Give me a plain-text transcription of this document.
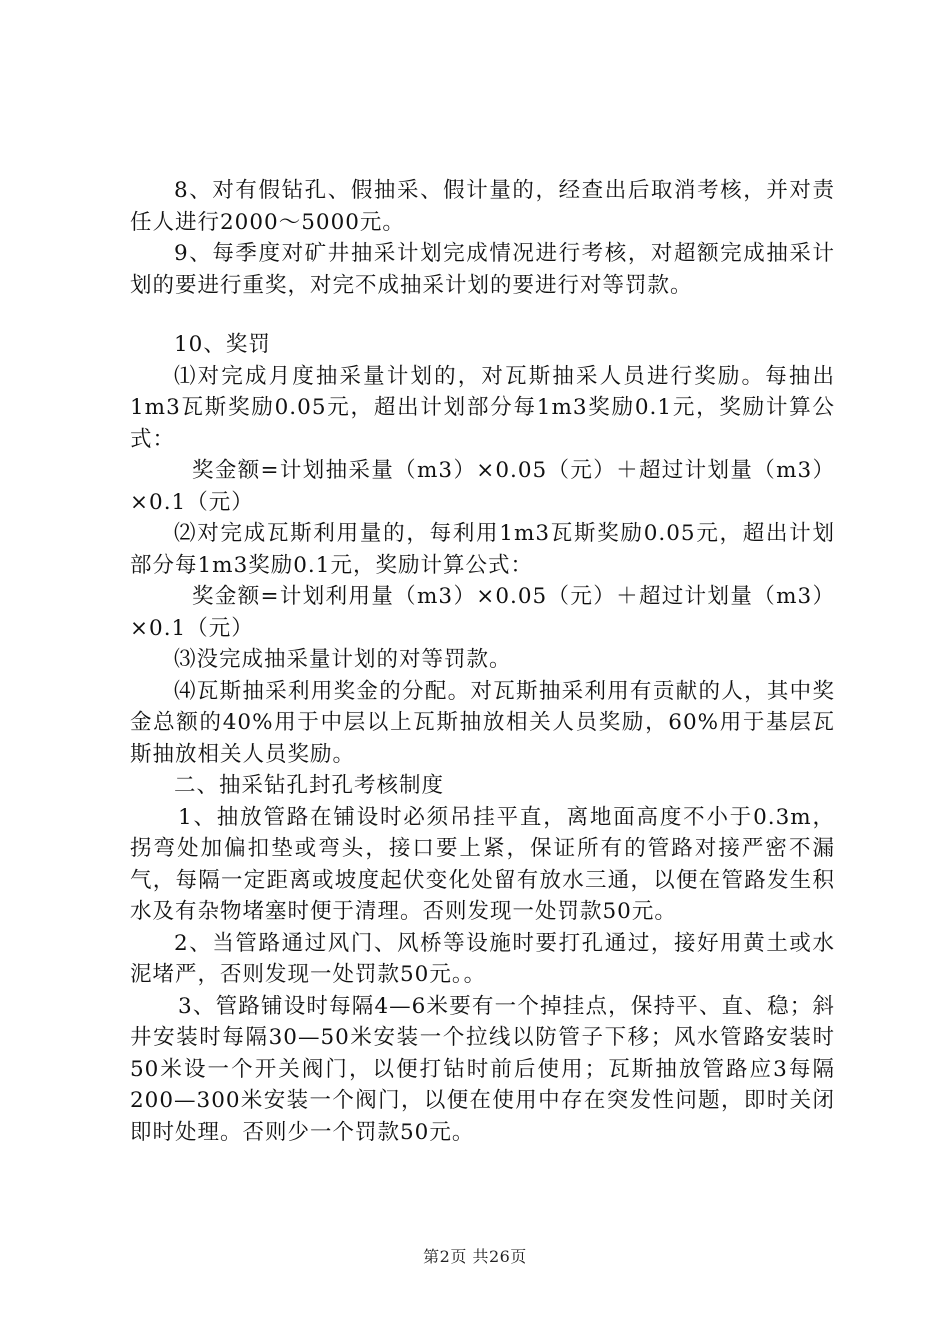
8、对有假钻孔、假抽采、假计量的，经查出后取消考核，并对责任人进行2000～5000元。

9、每季度对矿井抽采计划完成情况进行考核，对超额完成抽采计划的要进行重奖，对完不成抽采计划的要进行对等罚款。

10、奖罚

⑴对完成月度抽采量计划的，对瓦斯抽采人员进行奖励。每抽出1m3瓦斯奖励0.05元，超出计划部分每1m3奖励0.1元，奖励计算公式：

奖金额=计划抽采量（m3）×0.05（元）＋超过计划量（m3）×0.1（元）

⑵对完成瓦斯利用量的，每利用1m3瓦斯奖励0.05元，超出计划部分每1m3奖励0.1元，奖励计算公式：

奖金额=计划利用量（m3）×0.05（元）＋超过计划量（m3）×0.1（元）

⑶没完成抽采量计划的对等罚款。

⑷瓦斯抽采利用奖金的分配。对瓦斯抽采利用有贡献的人，其中奖金总额的40%用于中层以上瓦斯抽放相关人员奖励，60%用于基层瓦斯抽放相关人员奖励。

二、抽采钻孔封孔考核制度

1、抽放管路在铺设时必须吊挂平直，离地面高度不小于0.3m，拐弯处加偏扣垫或弯头，接口要上紧，保证所有的管路对接严密不漏气，每隔一定距离或坡度起伏变化处留有放水三通，以便在管路发生积水及有杂物堵塞时便于清理。否则发现一处罚款50元。

2、当管路通过风门、风桥等设施时要打孔通过，接好用黄土或水泥堵严，否则发现一处罚款50元。。

3、管路铺设时每隔4—6米要有一个掉挂点，保持平、直、稳；斜井安装时每隔30—50米安装一个拉线以防管子下移；风水管路安装时50米设一个开关阀门，以便打钻时前后使用；瓦斯抽放管路应3每隔200—300米安装一个阀门，以便在使用中存在突发性问题，即时关闭即时处理。否则少一个罚款50元。

第2页 共26页
